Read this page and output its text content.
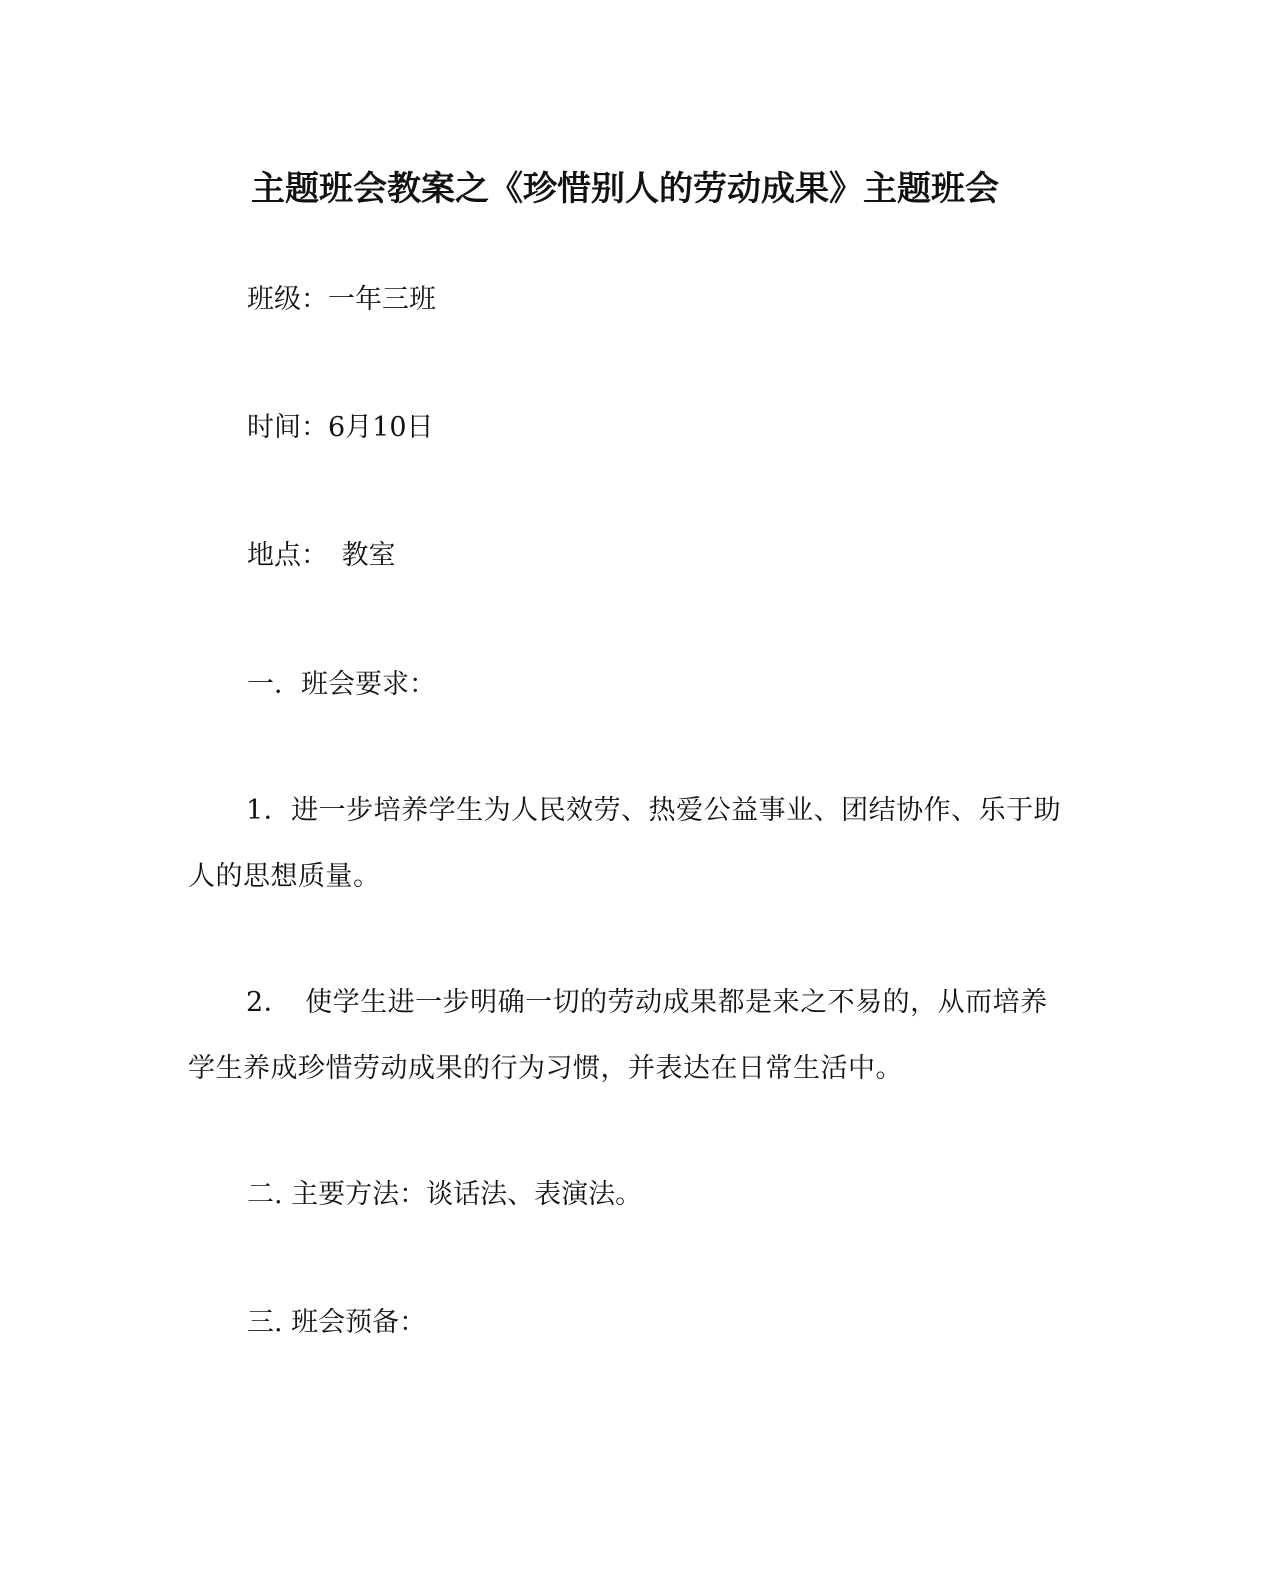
主题班会教案之《珍惜别人的劳动成果》主题班会
班级：一年三班
时间：6月10日
地点：　教室
一．班会要求：
1．进一步培养学生为人民效劳、热爱公益事业、团结协作、乐于助人的思想质量。
2．　使学生进一步明确一切的劳动成果都是来之不易的，从而培养学生养成珍惜劳动成果的行为习惯，并表达在日常生活中。
二. 主要方法：谈话法、表演法。
三. 班会预备：
